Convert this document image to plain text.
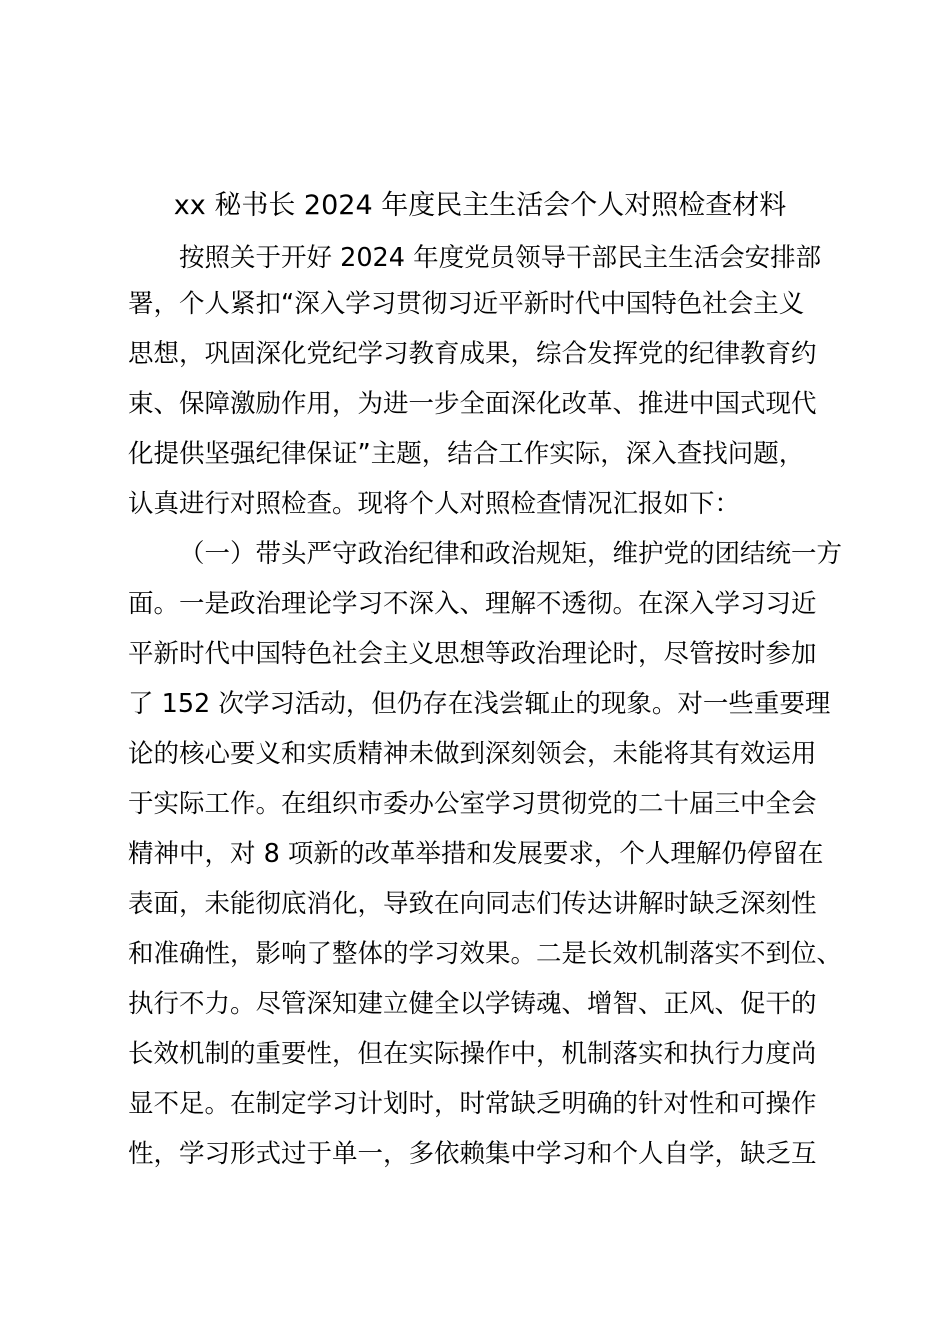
xx 秘书长 2024 年度民主生活会个人对照检查材料

按照关于开好 2024 年度党员领导干部民主生活会安排部

署，个人紧扣“深入学习贯彻习近平新时代中国特色社会主义

思想，巩固深化党纪学习教育成果，综合发挥党的纪律教育约

束、保障激励作用，为进一步全面深化改革、推进中国式现代

化提供坚强纪律保证”主题，结合工作实际，深入查找问题，

认真进行对照检查。现将个人对照检查情况汇报如下：

（一）带头严守政治纪律和政治规矩，维护党的团结统一方

面。一是政治理论学习不深入、理解不透彻。在深入学习习近

平新时代中国特色社会主义思想等政治理论时，尽管按时参加

了 152 次学习活动，但仍存在浅尝辄止的现象。对一些重要理

论的核心要义和实质精神未做到深刻领会，未能将其有效运用

于实际工作。在组织市委办公室学习贯彻党的二十届三中全会

精神中，对 8 项新的改革举措和发展要求，个人理解仍停留在

表面，未能彻底消化，导致在向同志们传达讲解时缺乏深刻性

和准确性，影响了整体的学习效果。二是长效机制落实不到位、

执行不力。尽管深知建立健全以学铸魂、增智、正风、促干的

长效机制的重要性，但在实际操作中，机制落实和执行力度尚

显不足。在制定学习计划时，时常缺乏明确的针对性和可操作

性，学习形式过于单一，多依赖集中学习和个人自学，缺乏互
